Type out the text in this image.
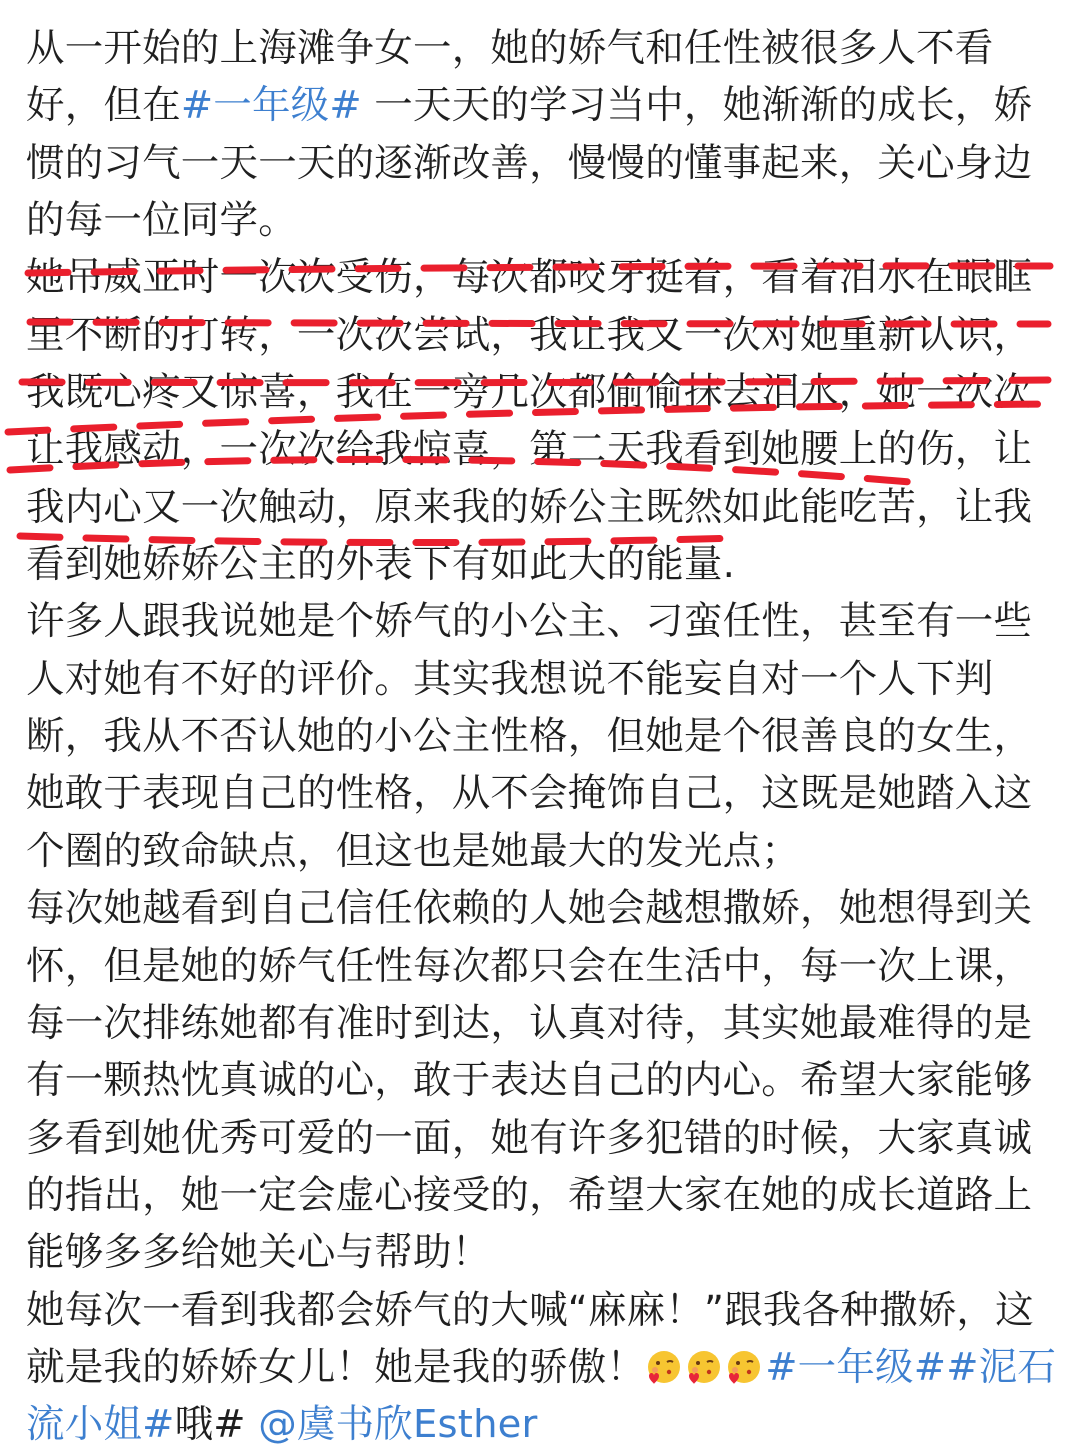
从一开始的上海滩争女一，她的娇气和任性被很多人不看
好，但在#一年级# 一天天的学习当中，她渐渐的成长，娇
惯的习气一天一天的逐渐改善，慢慢的懂事起来，关心身边
的每一位同学。
她吊威亚时一次次受伤，每次都咬牙挺着，看着泪水在眼眶
里不断的打转，一次次尝试，我让我又一次对她重新认识，
我既心疼又惊喜，我在一旁几次都偷偷抹去泪水，她一次次
让我感动，一次次给我惊喜，第二天我看到她腰上的伤，让
我内心又一次触动，原来我的娇公主既然如此能吃苦，让我
看到她娇娇公主的外表下有如此大的能量.
许多人跟我说她是个娇气的小公主、刁蛮任性，甚至有一些
人对她有不好的评价。其实我想说不能妄自对一个人下判
断，我从不否认她的小公主性格，但她是个很善良的女生，
她敢于表现自己的性格，从不会掩饰自己，这既是她踏入这
个圈的致命缺点，但这也是她最大的发光点；
每次她越看到自己信任依赖的人她会越想撒娇，她想得到关
怀，但是她的娇气任性每次都只会在生活中，每一次上课，
每一次排练她都有准时到达，认真对待，其实她最难得的是
有一颗热忱真诚的心，敢于表达自己的内心。希望大家能够
多看到她优秀可爱的一面，她有许多犯错的时候，大家真诚
的指出，她一定会虚心接受的，希望大家在她的成长道路上
能够多多给她关心与帮助！
她每次一看到我都会娇气的大喊“麻麻！”跟我各种撒娇，这
就是我的娇娇女儿！她是我的骄傲！	#一年级##泥石
流小姐#哦# @虞书欣Esther
